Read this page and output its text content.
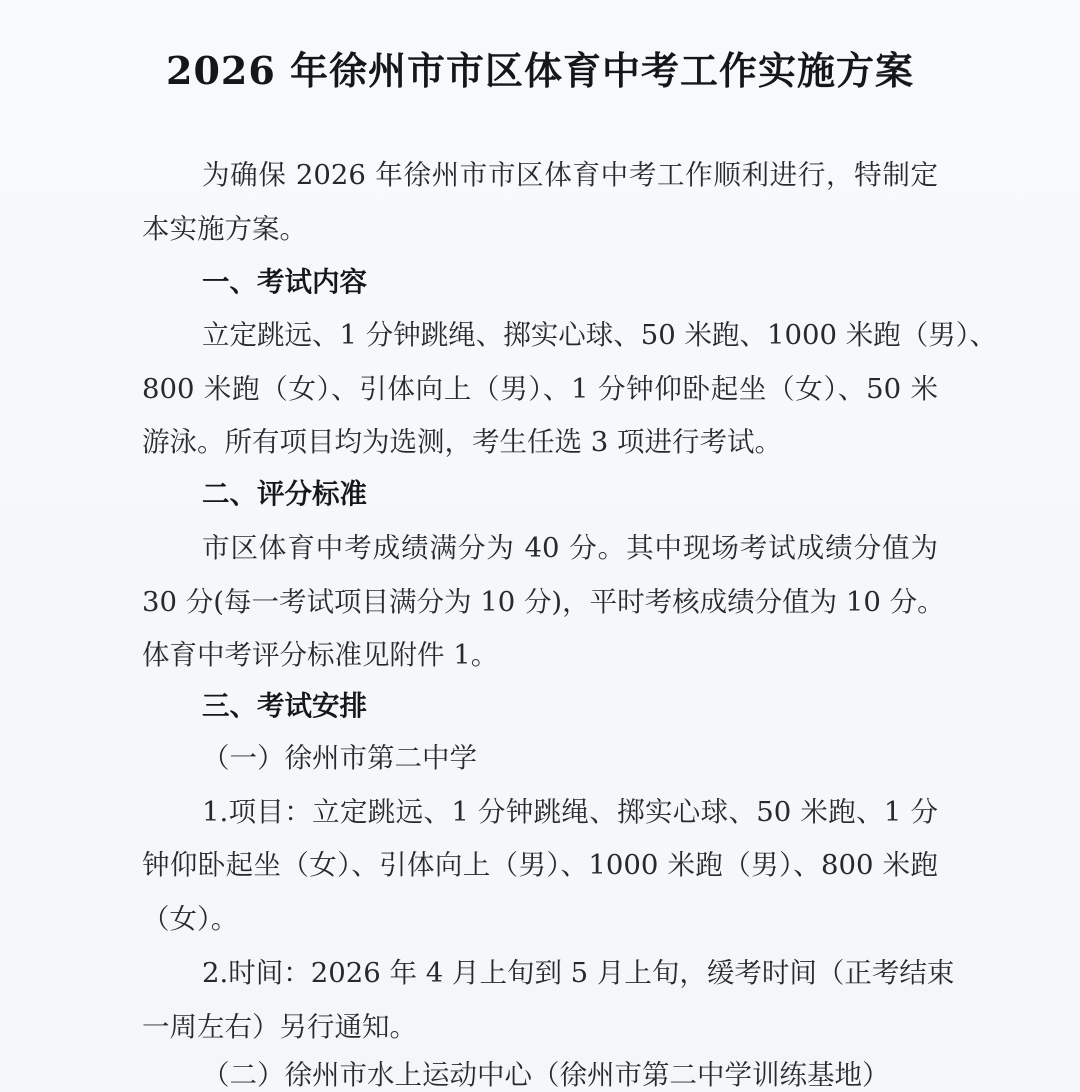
2026 年徐州市市区体育中考工作实施方案
为确保 2026 年徐州市市区体育中考工作顺利进行，特制定
本实施方案。
一、考试内容
立定跳远、1 分钟跳绳、掷实心球、50 米跑、1000 米跑（男）、
800 米跑（女）、引体向上（男）、1 分钟仰卧起坐（女）、50 米
游泳。所有项目均为选测，考生任选 3 项进行考试。
二、评分标准
市区体育中考成绩满分为 40 分。其中现场考试成绩分值为
30 分(每一考试项目满分为 10 分)，平时考核成绩分值为 10 分。
体育中考评分标准见附件 1。
三、考试安排
（一）徐州市第二中学
1.项目：立定跳远、1 分钟跳绳、掷实心球、50 米跑、1 分
钟仰卧起坐（女）、引体向上（男）、1000 米跑（男）、800 米跑
（女）。
2.时间：2026 年 4 月上旬到 5 月上旬，缓考时间（正考结束
一周左右）另行通知。
（二）徐州市水上运动中心（徐州市第二中学训练基地）
